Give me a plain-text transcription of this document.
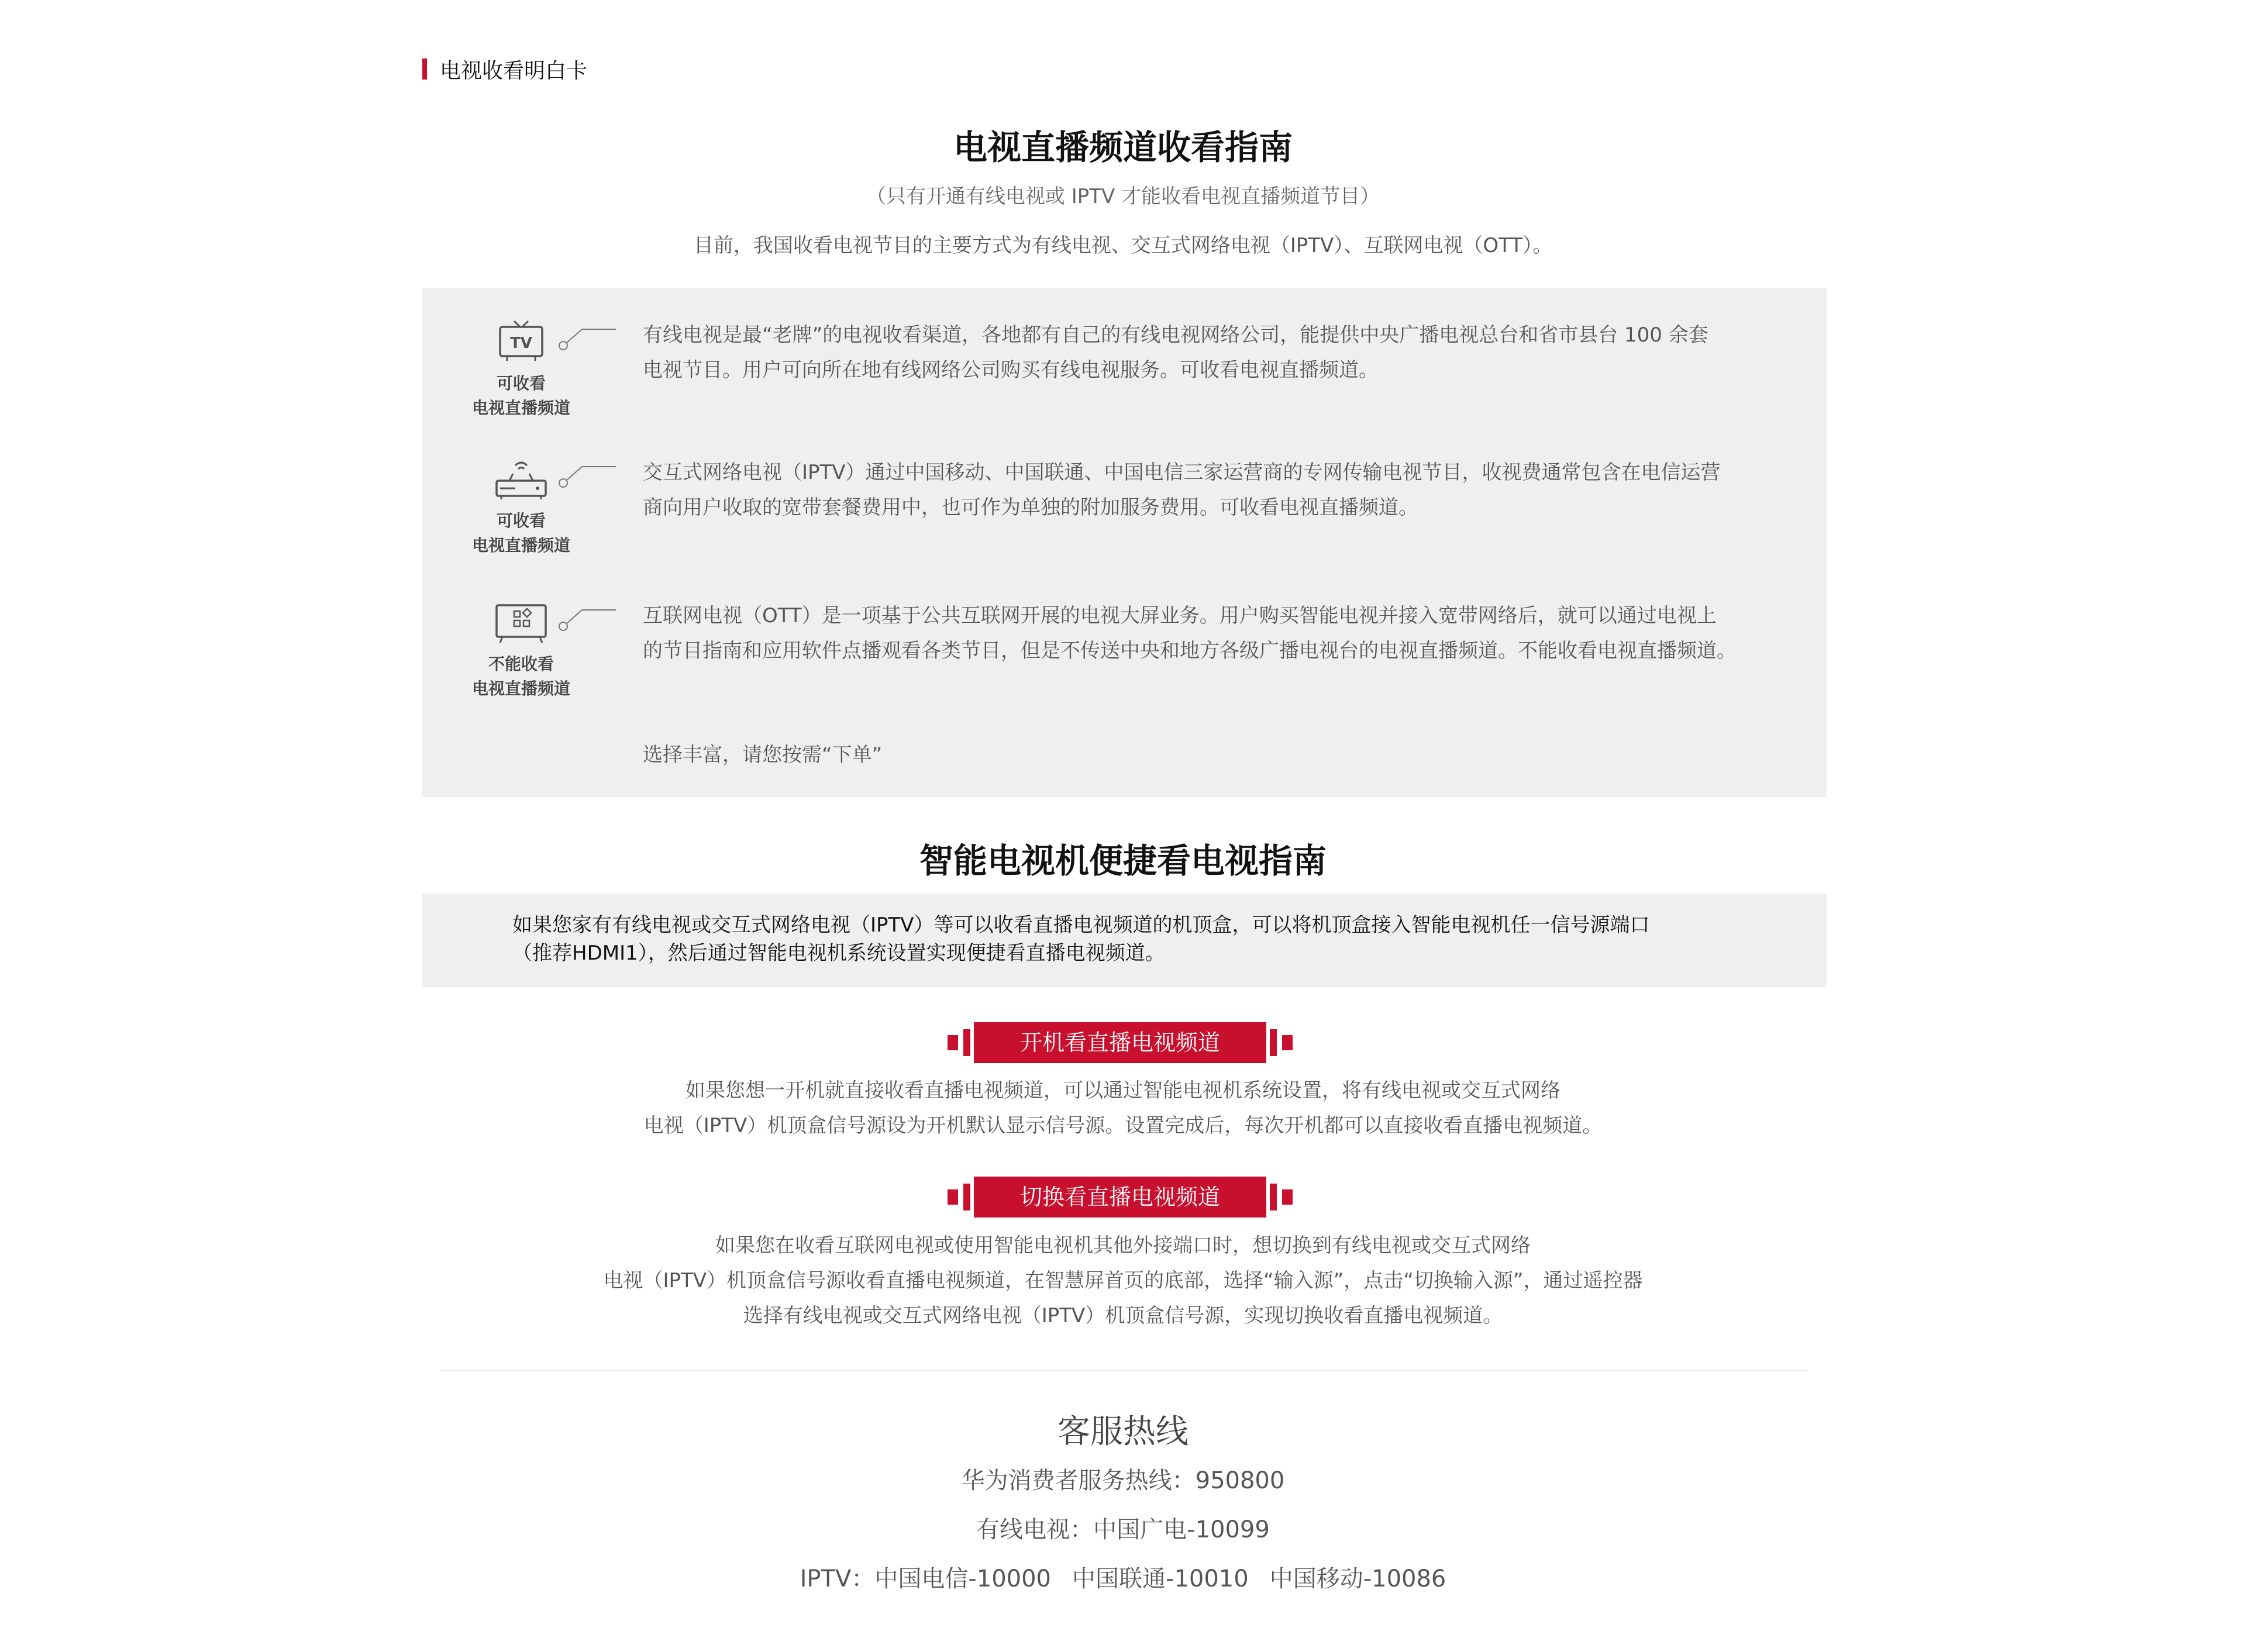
电视收看明白卡
电视直播频道收看指南
（只有开通有线电视或 IPTV 才能收看电视直播频道节目）
目前，我国收看电视节目的主要方式为有线电视、交互式网络电视（IPTV）、互联网电视（OTT）。
TV
可收看
电视直播频道
有线电视是最“老牌”的电视收看渠道，各地都有自己的有线电视网络公司，能提供中央广播电视总台和省市县台 100 余套
电视节目。用户可向所在地有线网络公司购买有线电视服务。可收看电视直播频道。
可收看
电视直播频道
交互式网络电视（IPTV）通过中国移动、中国联通、中国电信三家运营商的专网传输电视节目，收视费通常包含在电信运营
商向用户收取的宽带套餐费用中，也可作为单独的附加服务费用。可收看电视直播频道。
不能收看
电视直播频道
互联网电视（OTT）是一项基于公共互联网开展的电视大屏业务。用户购买智能电视并接入宽带网络后，就可以通过电视上
的节目指南和应用软件点播观看各类节目，但是不传送中央和地方各级广播电视台的电视直播频道。不能收看电视直播频道。
选择丰富，请您按需“下单”
智能电视机便捷看电视指南
如果您家有有线电视或交互式网络电视（IPTV）等可以收看直播电视频道的机顶盒，可以将机顶盒接入智能电视机任一信号源端口
（推荐HDMI1），然后通过智能电视机系统设置实现便捷看直播电视频道。
开机看直播电视频道
如果您想一开机就直接收看直播电视频道，可以通过智能电视机系统设置，将有线电视或交互式网络
电视（IPTV）机顶盒信号源设为开机默认显示信号源。设置完成后，每次开机都可以直接收看直播电视频道。
切换看直播电视频道
如果您在收看互联网电视或使用智能电视机其他外接端口时，想切换到有线电视或交互式网络
电视（IPTV）机顶盒信号源收看直播电视频道，在智慧屏首页的底部，选择“输入源”，点击“切换输入源”，通过遥控器
选择有线电视或交互式网络电视（IPTV）机顶盒信号源，实现切换收看直播电视频道。
客服热线
华为消费者服务热线：950800
有线电视：中国广电-10099
IPTV：中国电信-10000 中国联通-10010 中国移动-10086
